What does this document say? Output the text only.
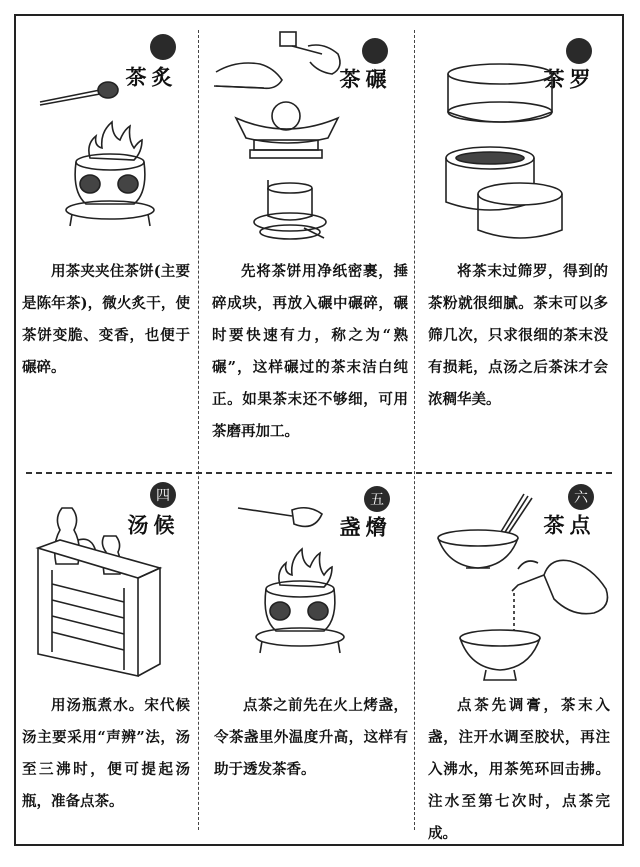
炙茶
用茶夹夹住茶饼(主要是陈年茶)，微火炙干，使茶饼变脆、变香，也便于碾碎。
碾茶
先将茶饼用净纸密裹，捶碎成块，再放入碾中碾碎，碾时要快速有力，称之为“熟碾”，这样碾过的茶末洁白纯正。如果茶末还不够细，可用茶磨再加工。
罗茶
将茶末过筛罗，得到的茶粉就很细腻。茶末可以多筛几次，只求很细的茶末没有损耗，点汤之后茶沫才会浓稠华美。
四
候汤
用汤瓶煮水。宋代候汤主要采用“声辨”法，汤至三沸时，便可提起汤瓶，准备点茶。
五
熁盏
点茶之前先在火上烤盏，令茶盏里外温度升高，这样有助于透发茶香。
六
点茶
点茶先调膏，茶末入盏，注开水调至胶状，再注入沸水，用茶筅环回击拂。注水至第七次时，点茶完成。
